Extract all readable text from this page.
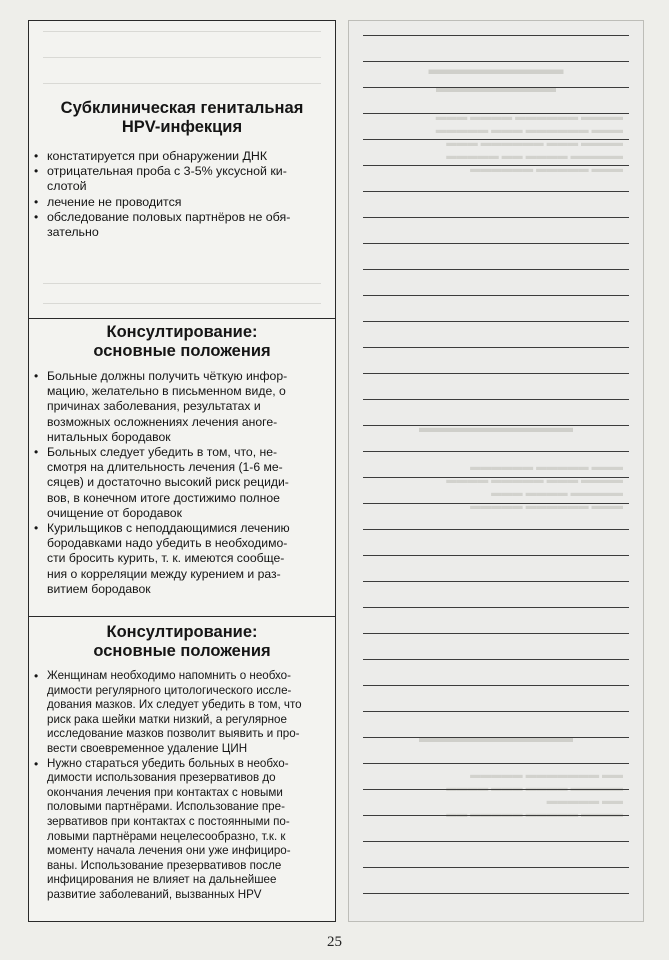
Субклиническая генитальная
HPV-инфекция
• констатируется при обнаружении ДНК
• отрицательная проба с 3-5% уксусной ки-
слотой
• лечение не проводится
• обследование половых партнёров не обя-
зательно
Консултирование:
основные положения
• Больные должны получить чёткую инфор-
мацию, желательно в письменном виде, о
причинах заболевания, результатах и
возможных осложнениях лечения аноге-
нитальных бородавок
• Больных следует убедить в том, что, не-
смотря на длительность лечения (1-6 ме-
сяцев) и достаточно высокий риск рециди-
вов, в конечном итоге достижимо полное
очищение от бородавок
• Курильщиков с неподдающимися лечению
бородавками надо убедить в необходимо-
сти бросить курить, т. к. имеются сообще-
ния о корреляции между курением и раз-
витием бородавок
Консултирование:
основные положения
• Женщинам необходимо напомнить о необхо-
димости регулярного цитологического иссле-
дования мазков. Их следует убедить в том, что
риск рака шейки матки низкий, а регулярное
исследование мазков позволит выявить и про-
вести своевременное удаление ЦИН
• Нужно стараться убедить больных в необхо-
димости использования презервативов до
окончания лечения при контактах с новыми
половыми партнёрами. Использование пре-
зервативов при контактах с постоянными по-
ловыми партнёрами нецелесообразно, т.к. к
моменту начала лечения они уже инфициро-
ваны. Использование презервативов после
инфицирования не влияет на дальнейшее
развитие заболеваний, вызванных HPV
▬▬▬▬▬▬▬▬▬
▬▬▬▬▬▬▬▬
▬▬▬▬ ▬▬▬▬▬▬ ▬▬▬▬ ▬▬▬
▬▬▬ ▬▬▬▬▬▬ ▬▬▬ ▬▬▬▬▬
▬▬▬▬ ▬▬▬ ▬▬▬▬▬▬ ▬▬▬
▬▬▬▬▬ ▬▬▬▬ ▬▬ ▬▬▬▬▬
▬▬▬ ▬▬▬▬▬ ▬▬▬▬▬▬
▬▬▬▬▬▬▬▬▬▬▬
▬▬▬ ▬▬▬▬▬ ▬▬▬▬▬▬
▬▬▬▬ ▬▬▬ ▬▬▬▬▬ ▬▬▬▬
▬▬▬▬▬ ▬▬▬▬ ▬▬▬
▬▬▬ ▬▬▬▬▬▬ ▬▬▬▬▬
▬▬▬▬▬▬▬▬▬▬▬
▬▬ ▬▬▬▬▬▬▬ ▬▬▬▬▬
▬▬▬▬▬ ▬▬▬▬ ▬▬▬ ▬▬▬▬
▬▬ ▬▬▬▬▬
▬▬▬▬ ▬▬▬▬▬ ▬▬▬▬▬ ▬▬
25
